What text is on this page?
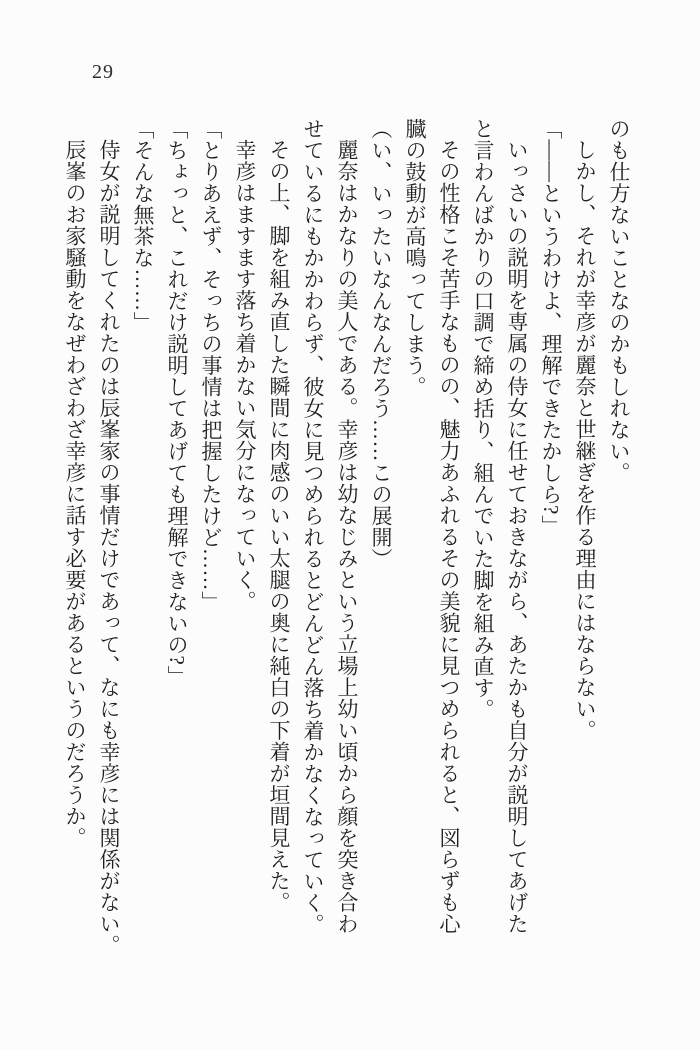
29

のも仕方ないことなのかもしれない。

しかし、それが幸彦が麗奈と世継ぎを作る理由にはならない。

「――というわけよ、理解できたかしら?」

いっさいの説明を専属の侍女に任せておきながら、あたかも自分が説明してあげた

と言わんばかりの口調で締め括り、組んでいた脚を組み直す。

その性格こそ苦手なものの、魅力あふれるその美貌に見つめられると、図らずも心

臓の鼓動が高鳴ってしまう。

（い、いったいなんなんだろう……この展開）

麗奈はかなりの美人である。幸彦は幼なじみという立場上幼い頃から顔を突き合わ

せているにもかかわらず、彼女に見つめられるとどんどん落ち着かなくなっていく。

その上、脚を組み直した瞬間に肉感のいい太腿の奥に純白の下着が垣間見えた。

幸彦はますます落ち着かない気分になっていく。

「とりあえず、そっちの事情は把握したけど……」

「ちょっと、これだけ説明してあげても理解できないの?」

「そんな無茶な……」

侍女が説明してくれたのは辰峯家の事情だけであって、なにも幸彦には関係がない。

辰峯のお家騒動をなぜわざわざ幸彦に話す必要があるというのだろうか。
